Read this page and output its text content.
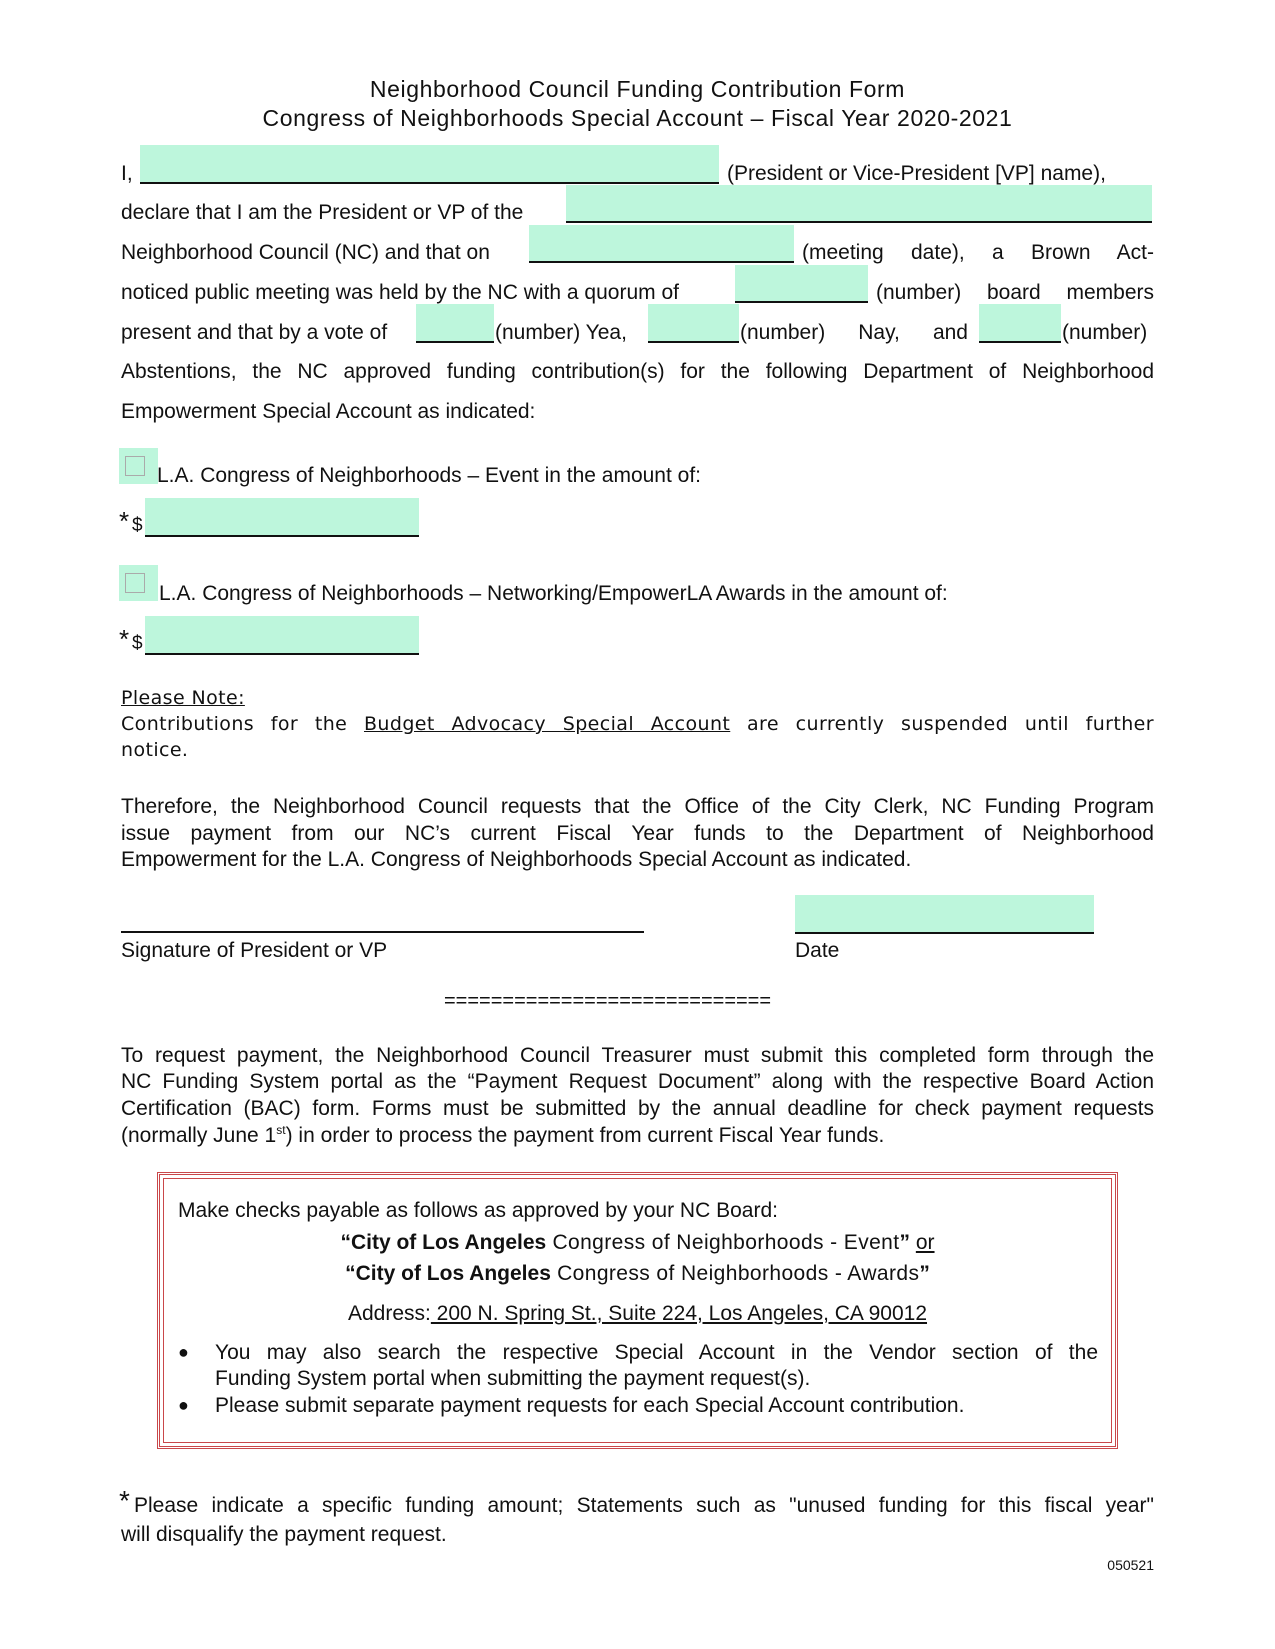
Neighborhood Council Funding Contribution Form
Congress of Neighborhoods Special Account – Fiscal Year 2020-2021
I,	(President or Vice-President [VP] name),
declare that I am the President or VP of the
Neighborhood Council (NC) and that on	(meeting date), a Brown Act-
noticed public meeting was held by the NC with a quorum of	(number) board members
present and that by a vote of	(number) Yea,	(number) Nay, and	(number)
Abstentions, the NC approved funding contribution(s) for the following Department of Neighborhood
Empowerment Special Account as indicated:
L.A. Congress of Neighborhoods – Event in the amount of:
* $
L.A. Congress of Neighborhoods – Networking/EmpowerLA Awards in the amount of:
* $
Please Note:
Contributions for the Budget Advocacy Special Account are currently suspended until further
notice.
Therefore, the Neighborhood Council requests that the Office of the City Clerk, NC Funding Program
issue payment from our NC’s current Fiscal Year funds to the Department of Neighborhood
Empowerment for the L.A. Congress of Neighborhoods Special Account as indicated.
Signature of President or VP	Date
============================
To request payment, the Neighborhood Council Treasurer must submit this completed form through the
NC Funding System portal as the “Payment Request Document” along with the respective Board Action
Certification (BAC) form. Forms must be submitted by the annual deadline for check payment requests
(normally June 1st) in order to process the payment from current Fiscal Year funds.
Make checks payable as follows as approved by your NC Board:
“City of Los Angeles Congress of Neighborhoods - Event” or
“City of Los Angeles Congress of Neighborhoods - Awards”
Address: 200 N. Spring St., Suite 224, Los Angeles, CA 90012
● You may also search the respective Special Account in the Vendor section of the
Funding System portal when submitting the payment request(s).
● Please submit separate payment requests for each Special Account contribution.
* Please indicate a specific funding amount; Statements such as "unused funding for this fiscal year"
will disqualify the payment request.
050521
